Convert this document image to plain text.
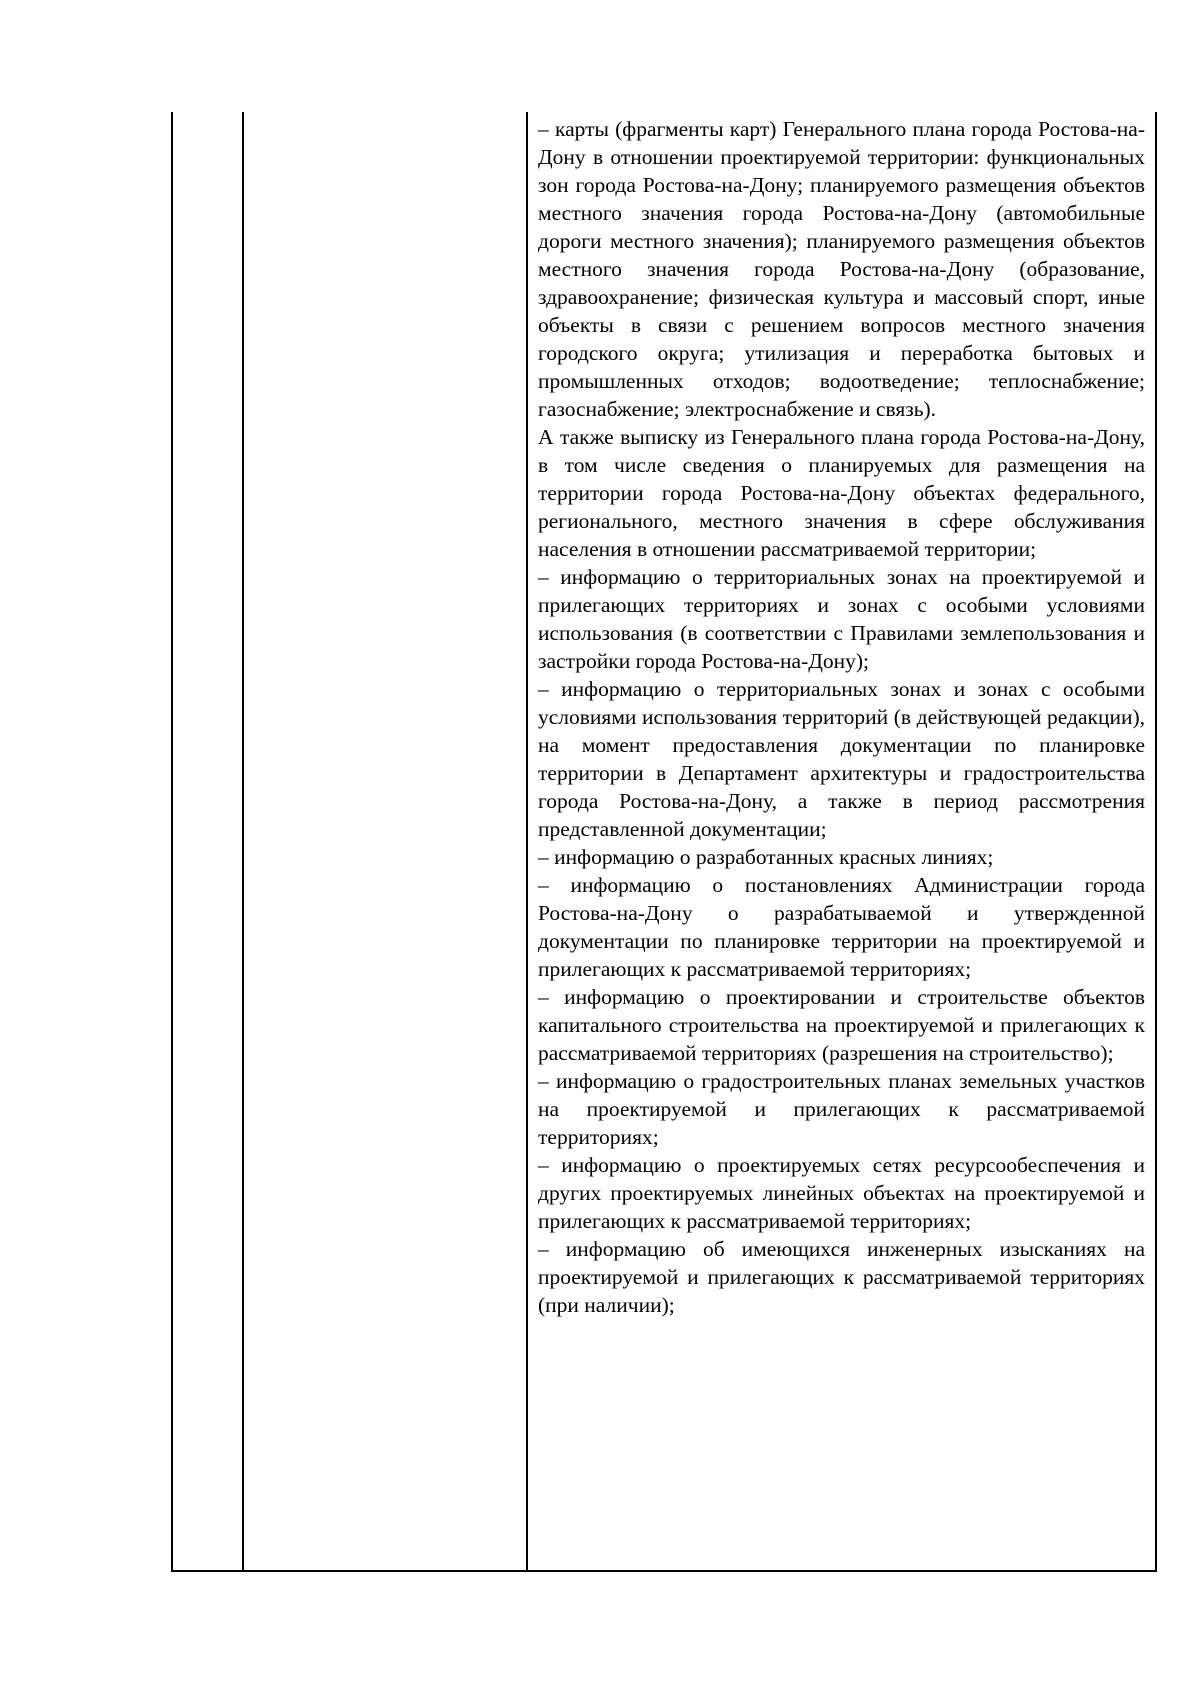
– карты (фрагменты карт) Генерального плана города Ростова-на-Дону в отношении проектируемой территории: функциональных зон города Ростова-на-Дону; планируемого размещения объектов местного значения города Ростова-на-Дону (автомобильные дороги местного значения); планируемого размещения объектов местного значения города Ростова-на-Дону (образование, здравоохранение; физическая культура и массовый спорт, иные объекты в связи с решением вопросов местного значения городского округа; утилизация и переработка бытовых и промышленных отходов; водоотведение; теплоснабжение; газоснабжение; электроснабжение и связь).

А также выписку из Генерального плана города Ростова-на-Дону, в том числе сведения о планируемых для размещения на территории города Ростова-на-Дону объектах федерального, регионального, местного значения в сфере обслуживания населения в отношении рассматриваемой территории;

– информацию о территориальных зонах на проектируемой и прилегающих территориях и зонах с особыми условиями использования (в соответствии с Правилами землепользования и застройки города Ростова-на-Дону);

– информацию о территориальных зонах и зонах с особыми условиями использования территорий (в действующей редакции), на момент предоставления документации по планировке территории в Департамент архитектуры и градостроительства города Ростова-на-Дону, а также в период рассмотрения представленной документации;

– информацию о разработанных красных линиях;

– информацию о постановлениях Администрации города Ростова-на-Дону о разрабатываемой и утвержденной документации по планировке территории на проектируемой и прилегающих к рассматриваемой территориях;

– информацию о проектировании и строительстве объектов капитального строительства на проектируемой и прилегающих к рассматриваемой территориях (разрешения на строительство);

– информацию о градостроительных планах земельных участков на проектируемой и прилегающих к рассматриваемой территориях;

– информацию о проектируемых сетях ресурсообеспечения и других проектируемых линейных объектах на проектируемой и прилегающих к рассматриваемой территориях;

– информацию об имеющихся инженерных изысканиях на проектируемой и прилегающих к рассматриваемой территориях (при наличии);
